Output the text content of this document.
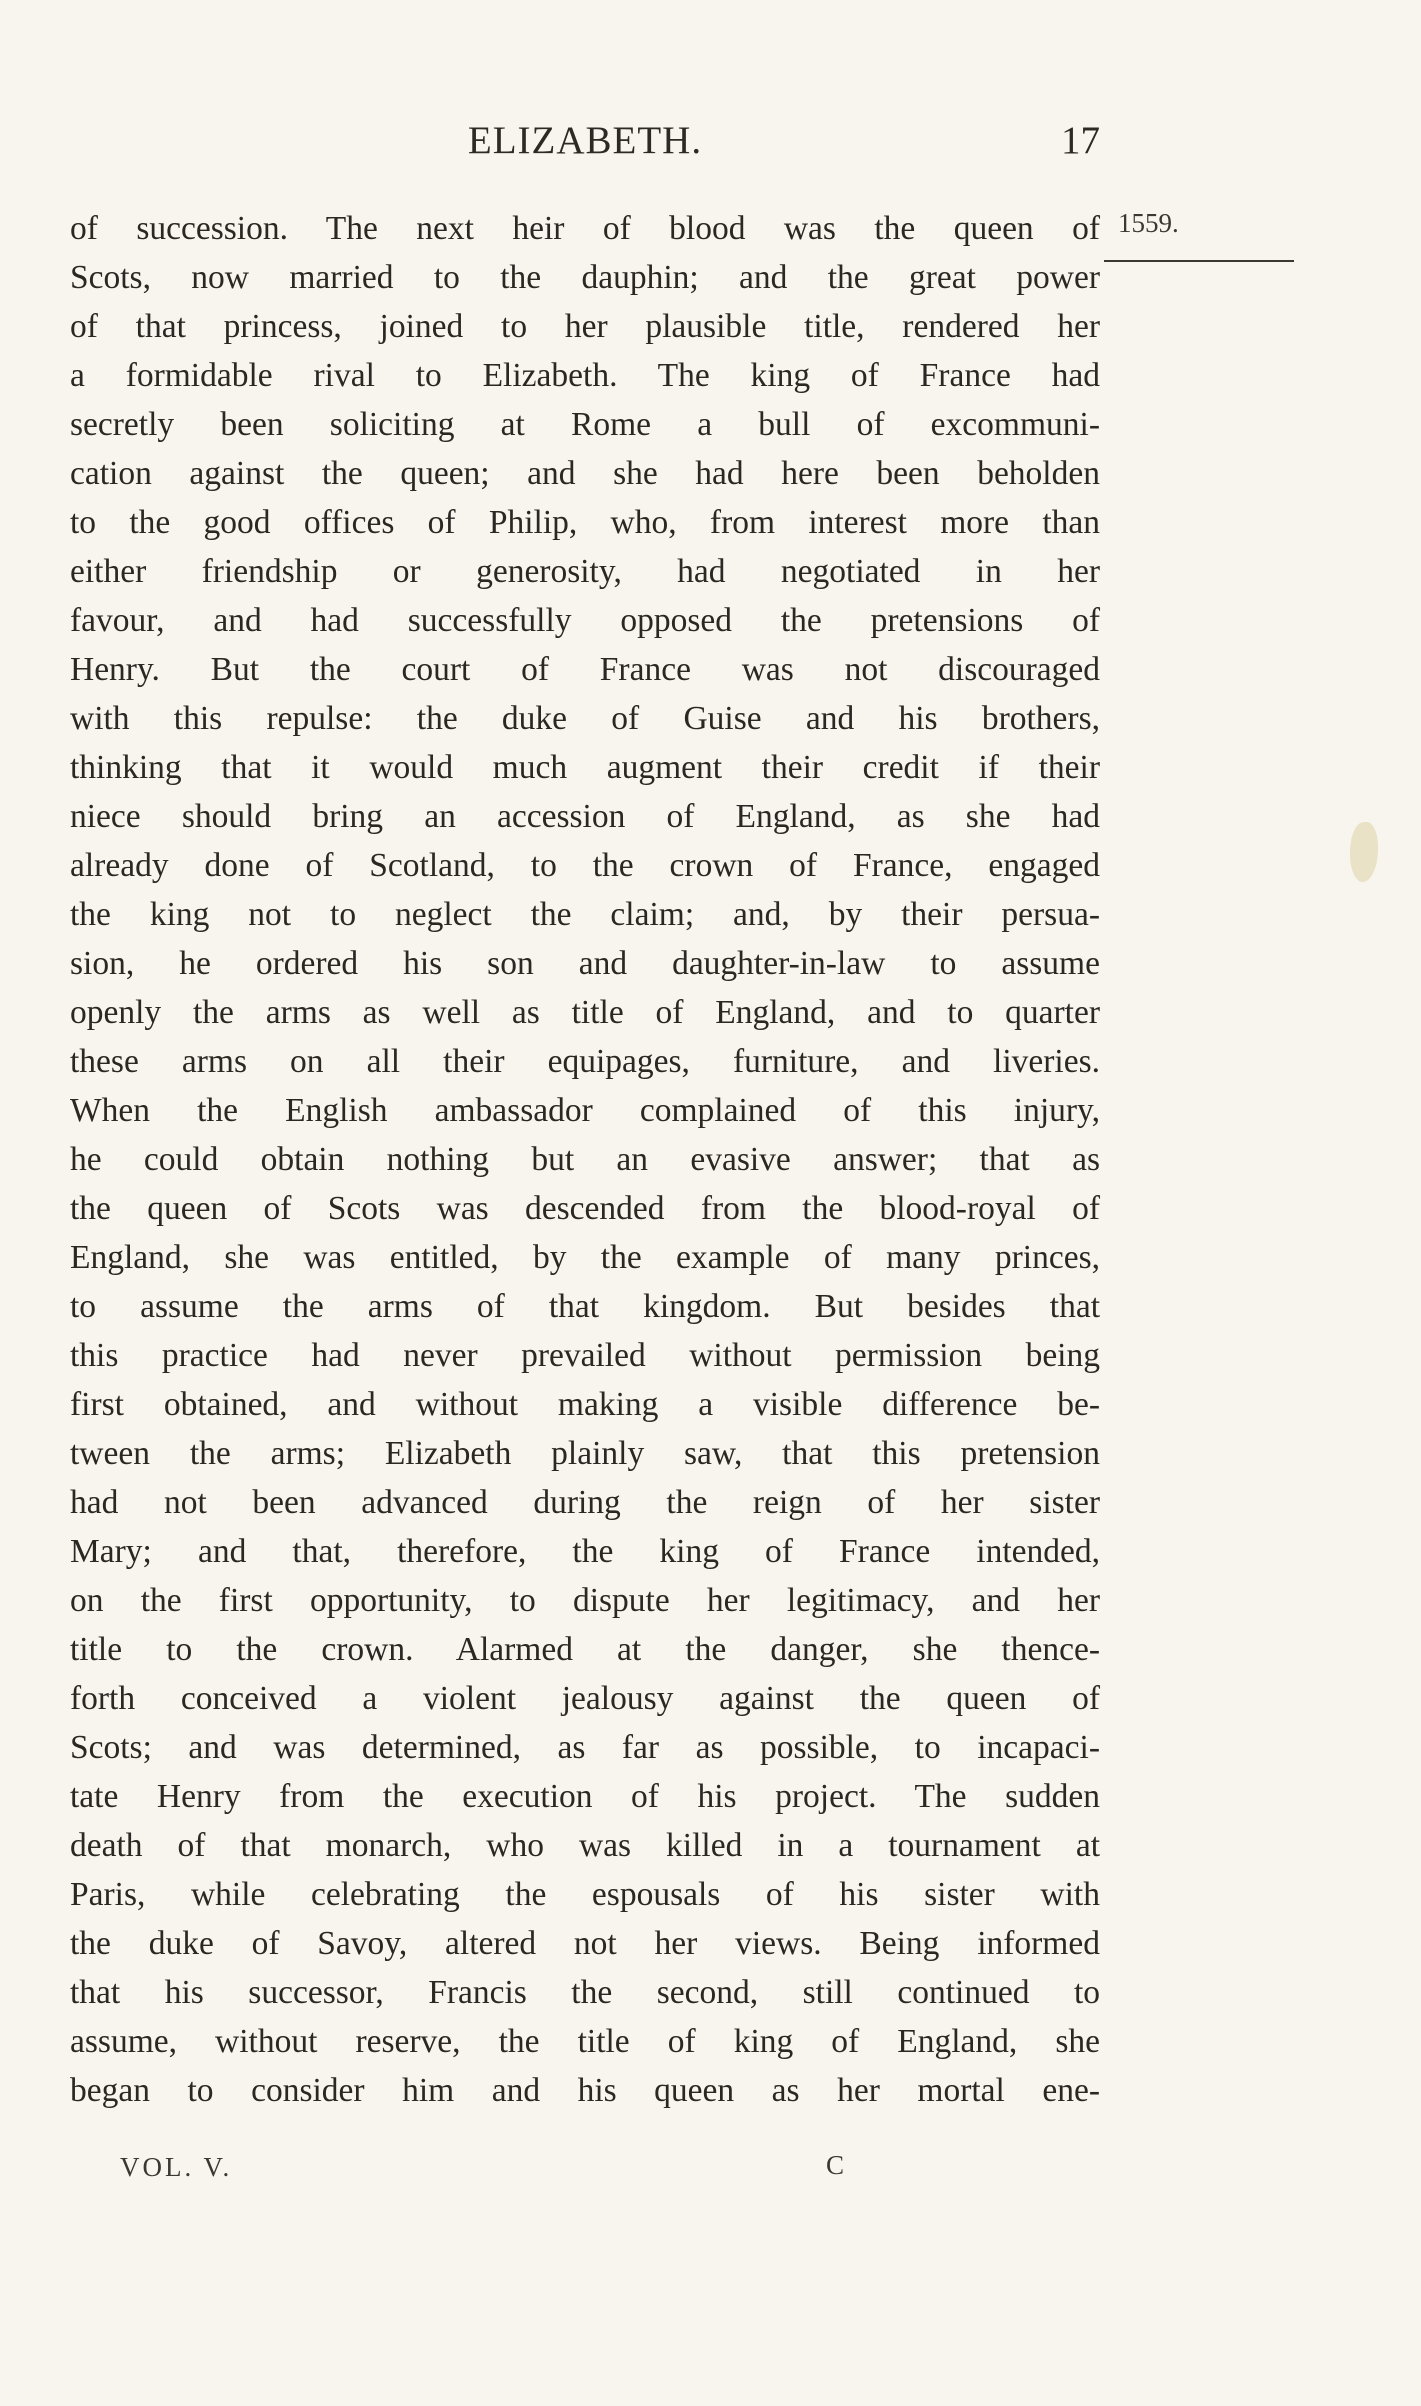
ELIZABETH.	17
1559.
of succession. The next heir of blood was the queen of
Scots, now married to the dauphin; and the great power
of that princess, joined to her plausible title, rendered her
a formidable rival to Elizabeth. The king of France had
secretly been soliciting at Rome a bull of excommuni-
cation against the queen; and she had here been beholden
to the good offices of Philip, who, from interest more than
either friendship or generosity, had negotiated in her
favour, and had successfully opposed the pretensions of
Henry. But the court of France was not discouraged
with this repulse: the duke of Guise and his brothers,
thinking that it would much augment their credit if their
niece should bring an accession of England, as she had
already done of Scotland, to the crown of France, engaged
the king not to neglect the claim; and, by their persua-
sion, he ordered his son and daughter-in-law to assume
openly the arms as well as title of England, and to quarter
these arms on all their equipages, furniture, and liveries.
When the English ambassador complained of this injury,
he could obtain nothing but an evasive answer; that as
the queen of Scots was descended from the blood-royal of
England, she was entitled, by the example of many princes,
to assume the arms of that kingdom. But besides that
this practice had never prevailed without permission being
first obtained, and without making a visible difference be-
tween the arms; Elizabeth plainly saw, that this pretension
had not been advanced during the reign of her sister
Mary; and that, therefore, the king of France intended,
on the first opportunity, to dispute her legitimacy, and her
title to the crown. Alarmed at the danger, she thence-
forth conceived a violent jealousy against the queen of
Scots; and was determined, as far as possible, to incapaci-
tate Henry from the execution of his project. The sudden
death of that monarch, who was killed in a tournament at
Paris, while celebrating the espousals of his sister with
the duke of Savoy, altered not her views. Being informed
that his successor, Francis the second, still continued to
assume, without reserve, the title of king of England, she
began to consider him and his queen as her mortal ene-
VOL. V.	C
